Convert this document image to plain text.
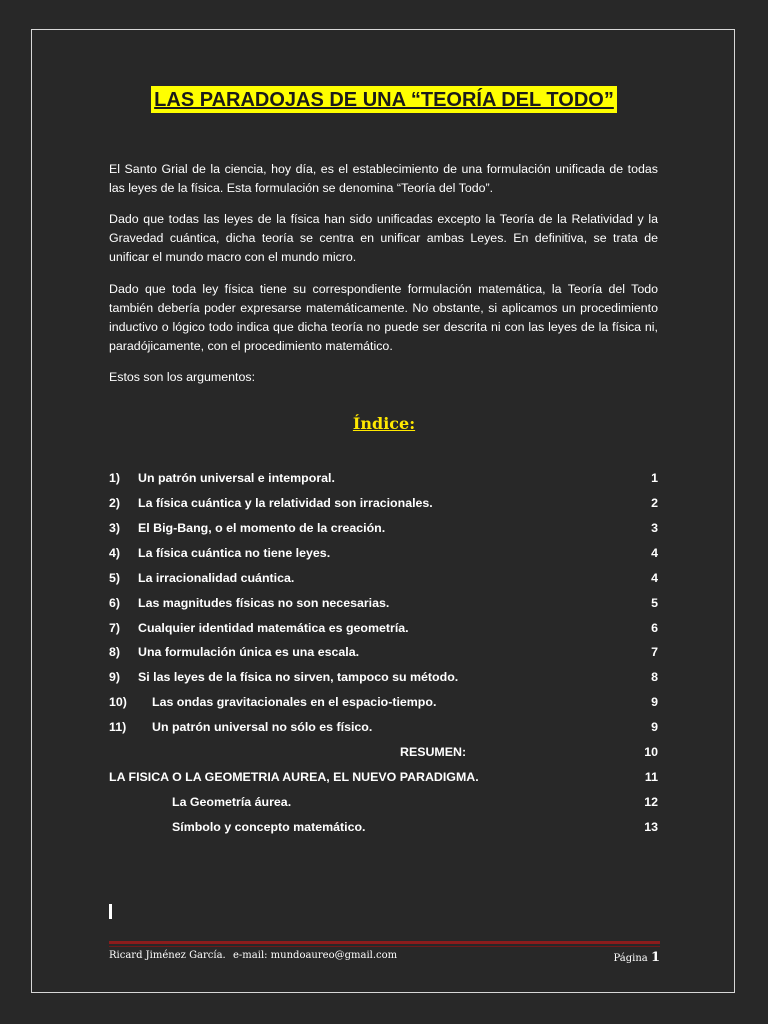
LAS PARADOJAS DE UNA “TEORÍA DEL TODO”
El Santo Grial de la ciencia, hoy día, es el establecimiento de una formulación unificada de todas las leyes de la física. Esta formulación se denomina “Teoría del Todo”.
Dado que todas las leyes de la física han sido unificadas excepto la Teoría de la Relatividad y la Gravedad cuántica, dicha teoría se centra en unificar ambas Leyes. En definitiva, se trata de unificar el mundo macro con el mundo micro.
Dado que toda ley física tiene su correspondiente formulación matemática, la Teoría del Todo también debería poder expresarse matemáticamente. No obstante, si aplicamos un procedimiento inductivo o lógico todo indica que dicha teoría no puede ser descrita ni con las leyes de la física ni, paradójicamente, con el procedimiento matemático.
Estos son los argumentos:
Índice:
1) Un patrón universal e intemporal.	1
2) La física cuántica y la relatividad son irracionales.	2
3) El Big-Bang, o el momento de la creación.	3
4) La física cuántica no tiene leyes.	4
5) La irracionalidad cuántica.	4
6) Las magnitudes físicas no son necesarias.	5
7) Cualquier identidad matemática es geometría.	6
8) Una formulación única es una escala.	7
9) Si las leyes de la física no sirven, tampoco su método.	8
10) Las ondas gravitacionales en el espacio-tiempo.	9
11) Un patrón universal no sólo es físico.	9
RESUMEN:	10
LA FISICA O LA GEOMETRIA AUREA, EL NUEVO PARADIGMA.	11
La Geometría áurea.	12
Símbolo y concepto matemático.	13
Ricard Jiménez García. e-mail: mundoaureo@gmail.com	Página 1
